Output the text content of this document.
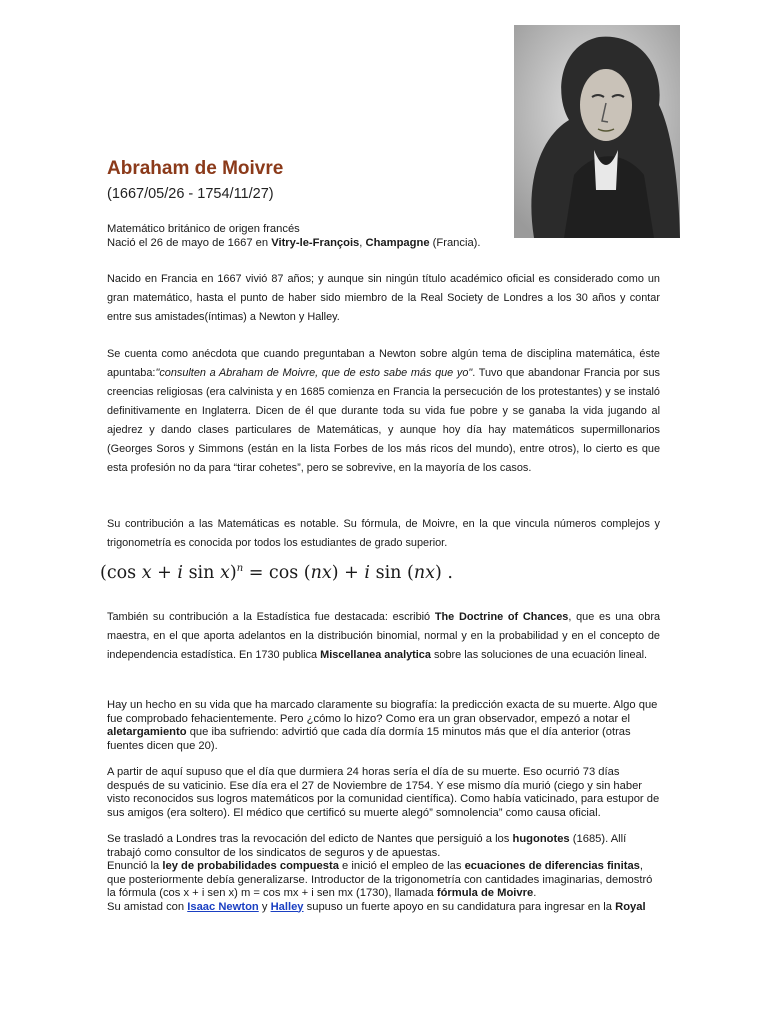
Abraham de Moivre
(1667/05/26 - 1754/11/27)
Matemático británico de origen francés
Nació el 26 de mayo de 1667 en Vitry-le-François, Champagne (Francia).

Nacido en Francia en 1667 vivió 87 años; y aunque sin ningún título académico oficial es considerado como un gran matemático, hasta el punto de haber sido miembro de la Real Society de Londres a los 30 años y contar entre sus amistades(íntimas) a Newton y Halley.

Se cuenta como anécdota que cuando preguntaban a Newton sobre algún tema de disciplina matemática, éste apuntaba:"consulten a Abraham de Moivre, que de esto sabe más que yo". Tuvo que abandonar Francia por sus creencias religiosas (era calvinista y en 1685 comienza en Francia la persecución de los protestantes) y se instaló definitivamente en Inglaterra. Dicen de él que durante toda su vida fue pobre y se ganaba la vida jugando al ajedrez y dando clases particulares de Matemáticas, y aunque hoy día hay matemáticos supermillonarios (Georges Soros y Simmons (están en la lista Forbes de los más ricos del mundo), entre otros), lo cierto es que esta profesión no da para “tirar cohetes”, pero se sobrevive, en la mayoría de los casos.

Su contribución a las Matemáticas es notable. Su fórmula, de Moivre, en la que vincula números complejos y trigonometría es conocida por todos los estudiantes de grado superior.

(cos x + i sin x)$^n$ = cos (nx) + i sin (nx) .

También su contribución a la Estadística fue destacada: escribió The Doctrine of Chances, que es una obra maestra, en el que aporta adelantos en la distribución binomial, normal y en la probabilidad y en el concepto de independencia estadística. En 1730 publica Miscellanea analytica sobre las soluciones de una ecuación lineal.

Hay un hecho en su vida que ha marcado claramente su biografía: la predicción exacta de su muerte. Algo que fue comprobado fehacientemente. Pero ¿cómo lo hizo? Como era un gran observador, empezó a notar el aletargamiento que iba sufriendo: advirtió que cada día dormía 15 minutos más que el día anterior (otras fuentes dicen que 20).

A partir de aquí supuso que el día que durmiera 24 horas sería el día de su muerte. Eso ocurrió 73 días después de su vaticinio. Ese día era el 27 de Noviembre de 1754. Y ese mismo día murió (ciego y sin haber visto reconocidos sus logros matemáticos por la comunidad científica). Como había vaticinado, para estupor de sus amigos (era soltero). El médico que certificó su muerte alegó” somnolencia” como causa oficial.

Se trasladó a Londres tras la revocación del edicto de Nantes que persiguió a los hugonotes (1685). Allí trabajó como consultor de los sindicatos de seguros y de apuestas.
Enunció la ley de probabilidades compuesta e inició el empleo de las ecuaciones de diferencias finitas, que posteriormente debía generalizarse. Introductor de la trigonometría con cantidades imaginarias, demostró la fórmula (cos x + i sen x) m = cos mx + i sen mx (1730), llamada fórmula de Moivre.
Su amistad con Isaac Newton y Halley supuso un fuerte apoyo en su candidatura para ingresar en la Royal
